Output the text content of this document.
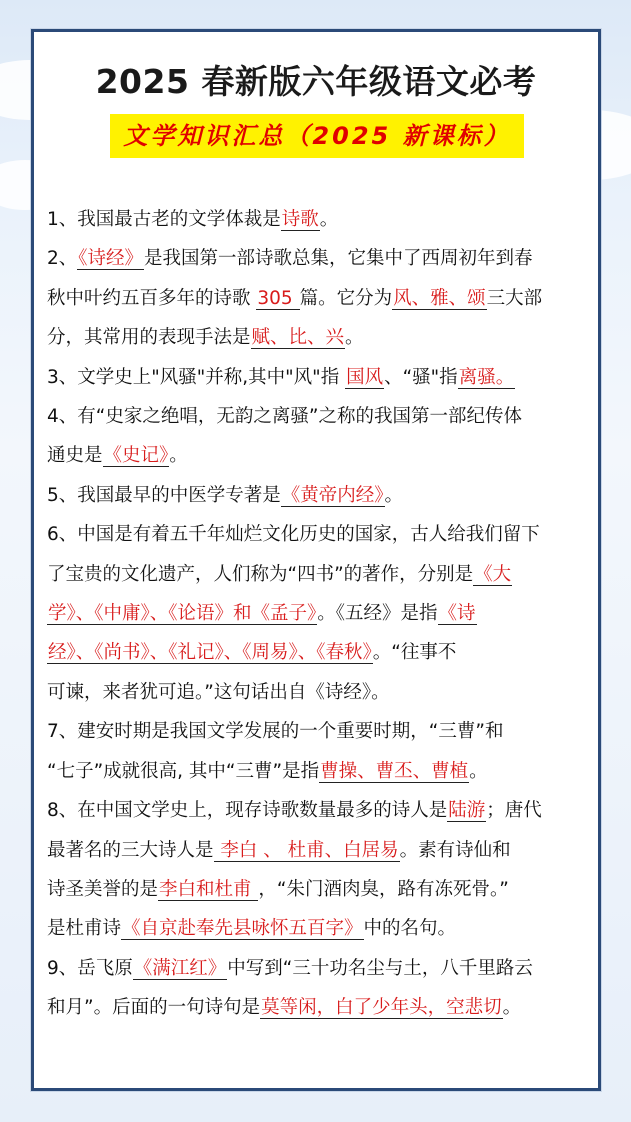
2025 春新版六年级语文必考
文学知识汇总（2025 新课标）
1、我国最古老的文学体裁是诗歌。
2、《诗经》是我国第一部诗歌总集，它集中了西周初年到春
秋中叶约五百多年的诗歌 305 篇。它分为风、雅、颂三大部
分，其常用的表现手法是赋、比、兴。
3、文学史上"风骚"并称,其中"风"指 国风、“骚"指离骚。
4、有“史家之绝唱，无韵之离骚”之称的我国第一部纪传体
通史是《史记》。
5、我国最早的中医学专著是《黄帝内经》。
6、中国是有着五千年灿烂文化历史的国家，古人给我们留下
了宝贵的文化遗产，人们称为“四书”的著作，分别是《大
学》、《中庸》、《论语》和《孟子》。《五经》是指《诗
经》、《尚书》、《礼记》、《周易》、《春秋》。“往事不
可谏，来者犹可追。”这句话出自《诗经》。
7、建安时期是我国文学发展的一个重要时期，“三曹”和
“七子”成就很高, 其中“三曹”是指曹操、曹丕、曹植。
8、在中国文学史上，现存诗歌数量最多的诗人是陆游；唐代
最著名的三大诗人是 李白 、 杜甫、白居易。素有诗仙和
诗圣美誉的是李白和杜甫 ，“朱门酒肉臭，路有冻死骨。”
是杜甫诗《自京赴奉先县咏怀五百字》中的名句。
9、岳飞原《满江红》中写到“三十功名尘与土，八千里路云
和月”。后面的一句诗句是莫等闲，白了少年头，空悲切。
